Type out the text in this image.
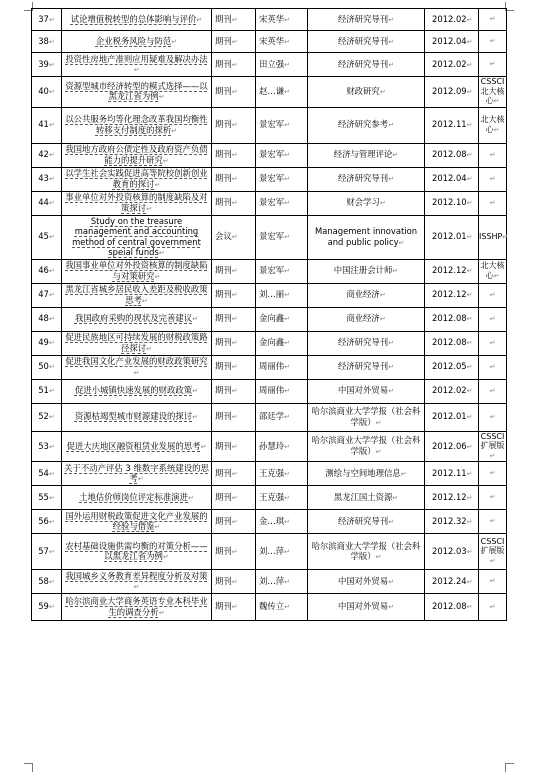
37↵	试论增值税转型的总体影响与评价↵	期刊↵	宋英华↵	经济研究导刊↵	2012.02↵	↵
38↵	企业税务风险与防范↵	期刊↵	宋英华↵	经济研究导刊↵	2012.04↵	↵
39↵	投资性房地产准则应用疑难及解决办法↵	期刊↵	田立强↵	经济研究导刊↵	2012.02↵	↵
40↵	资源型城市经济转型的模式选择——以黑龙江省为例↵	期刊↵	赵…谦↵	财政研究↵	2012.09↵	CSSCI 北大核心↵
41↵	以公共服务均等化理念改革我国均衡性转移支付制度的探析↵	期刊↵	景宏军↵	经济研究参考↵	2012.11↵	北大核心↵
42↵	我国地方政府公债定性及政府资产负债能力的提升研究↵	期刊↵	景宏军↵	经济与管理评论↵	2012.08↵	↵
43↵	以学生社会实践促进高等院校创新创业教育的探讨↵	期刊↵	景宏军↵	经济研究导刊↵	2012.04↵	↵
44↵	事业单位对外投资核算的制度缺陷及对策探讨↵	期刊↵	景宏军↵	财会学习↵	2012.10↵	↵
45↵	Study on the treasure management and accounting method of central government speial funds↵	会议↵	景宏军↵	Management innovation and public policy↵	2012.01↵	ISSHP↵
46↵	我国事业单位对外投资核算的制度缺陷与对策研究↵	期刊↵	景宏军↵	中国注册会计师↵	2012.12↵	北大核心↵
47↵	黑龙江省城乡居民收入差距及税收政策思考↵	期刊↵	刘…丽↵	商业经济↵	2012.12↵	↵
48↵	我国政府采购的现状及完善建议↵	期刊↵	金向鑫↵	商业经济↵	2012.08↵	↵
49↵	促进民族地区可持续发展的财税政策路径探讨↵	期刊↵	金向鑫↵	经济研究导刊↵	2012.08↵	↵
50↵	促进我国文化产业发展的财政政策研究↵	期刊↵	周丽伟↵	经济研究导刊↵	2012.05↵	↵
51↵	促进小城镇快速发展的财政政策↵	期刊↵	周丽伟↵	中国对外贸易↵	2012.02↵	↵
52↵	资源枯竭型城市财源建设的探讨↵	期刊↵	邵廷学↵	哈尔滨商业大学学报（社会科学版）↵	2012.01↵	↵
53↵	促进大庆地区融资租赁业发展的思考↵	期刊↵	孙慧玲↵	哈尔滨商业大学学报（社会科学版）↵	2012.06↵	CSSCI 扩展版↵
54↵	关于不动产评估 3 维数字系统建设的思考↵	期刊↵	王克强↵	测绘与空间地理信息↵	2012.11↵	↵
55↵	土地估价师岗位评定标准演进↵	期刊↵	王克强↵	黑龙江国土资源↵	2012.12↵	↵
56↵	国外运用财税政策促进文化产业发展的经验与借鉴↵	期刊↵	金…琪↵	经济研究导刊↵	2012.32↵	↵
57↵	农村基础设施供需均衡的对策分析——以黑龙江省为例↵	期刊↵	刘…萍↵	哈尔滨商业大学学报（社会科学版）↵	2012.03↵	CSSCI 扩展版↵
58↵	我国城乡义务教育差异程度分析及对策↵	期刊↵	刘…萍↵	中国对外贸易↵	2012.24↵	↵
59↵	哈尔滨商业大学商务英语专业本科毕业生的调查分析↵	期刊↵	魏传立↵	中国对外贸易↵	2012.08↵	↵
